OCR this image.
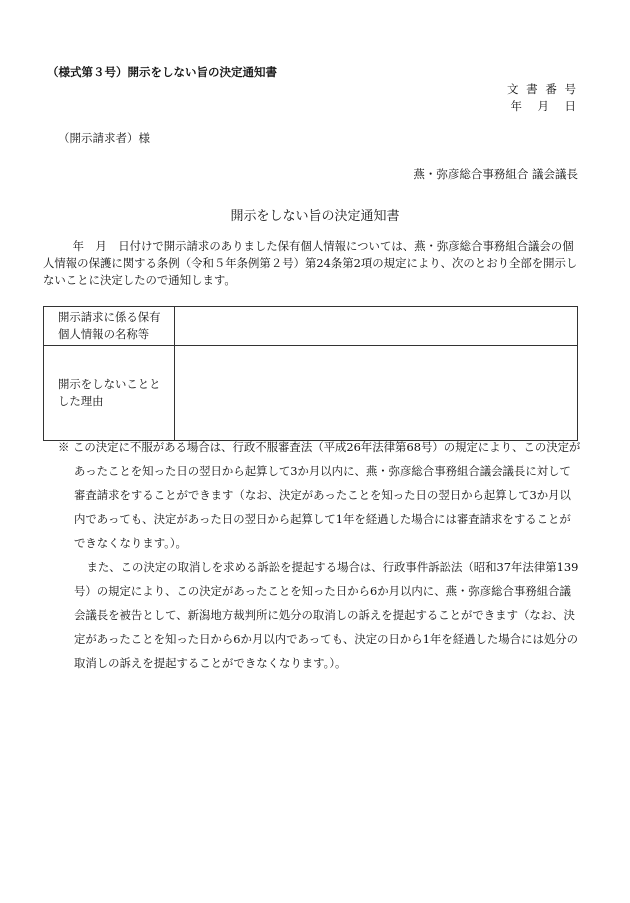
（様式第３号）開示をしない旨の決定通知書
文 書 番 号
年　月　日
（開示請求者）様
燕・弥彦総合事務組合 議会議長
開示をしない旨の決定通知書

年　月　日付けで開示請求のありました保有個人情報については、燕・弥彦総合事務組合議会の個人情報の保護に関する条例（令和５年条例第２号）第24条第2項の規定により、次のとおり全部を開示しないことに決定したので通知します。

開示請求に係る保有個人情報の名称等	
開示をしないこととした理由	

※ この決定に不服がある場合は、行政不服審査法（平成26年法律第68号）の規定により、この決定があったことを知った日の翌日から起算して3か月以内に、燕・弥彦総合事務組合議会議長に対して審査請求をすることができます（なお、決定があったことを知った日の翌日から起算して3か月以内であっても、決定があった日の翌日から起算して1年を経過した場合には審査請求をすることができなくなります。）。

また、この決定の取消しを求める訴訟を提起する場合は、行政事件訴訟法（昭和37年法律第139号）の規定により、この決定があったことを知った日から6か月以内に、燕・弥彦総合事務組合議会議長を被告として、新潟地方裁判所に処分の取消しの訴えを提起することができます（なお、決定があったことを知った日から6か月以内であっても、決定の日から1年を経過した場合には処分の取消しの訴えを提起することができなくなります。）。
